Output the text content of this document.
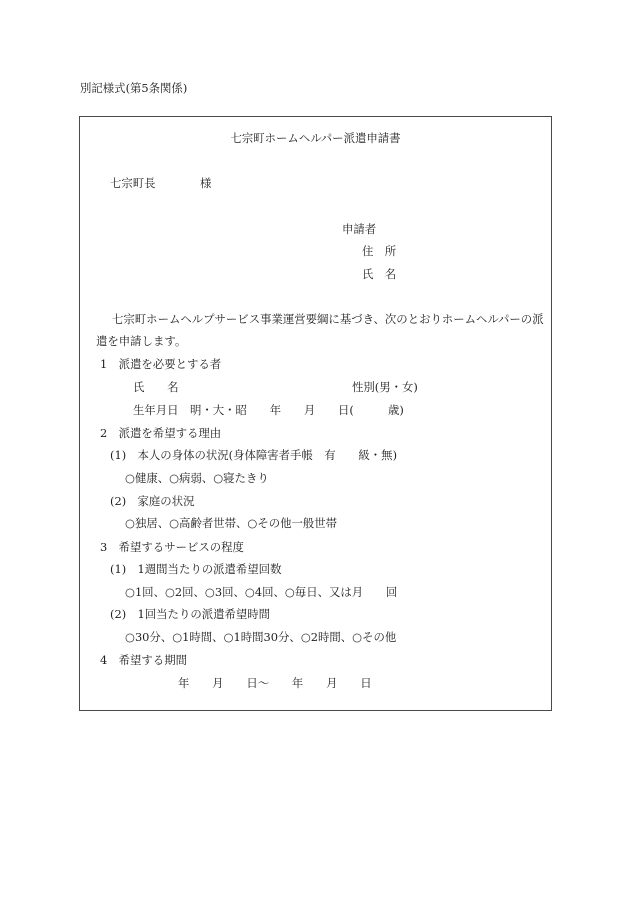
別記様式(第5条関係)
七宗町ホームヘルパー派遣申請書
七宗町長	様
申請者
住　所
氏　名
七宗町ホームヘルプサービス事業運営要綱に基づき、次のとおりホームヘルパーの派
遣を申請します。
1　派遣を必要とする者
氏　　名	性別(男・女)
生年月日　明・大・昭　　年　　月　　日(　　　歳)
2　派遣を希望する理由
(1)　本人の身体の状況(身体障害者手帳　有　　級・無)
○健康、○病弱、○寝たきり
(2)　家庭の状況
○独居、○高齢者世帯、○その他一般世帯
3　希望するサービスの程度
(1)　1週間当たりの派遣希望回数
○1回、○2回、○3回、○4回、○毎日、又は月　　回
(2)　1回当たりの派遣希望時間
○30分、○1時間、○1時間30分、○2時間、○その他
4　希望する期間
年　　月　　日〜　　年　　月　　日
